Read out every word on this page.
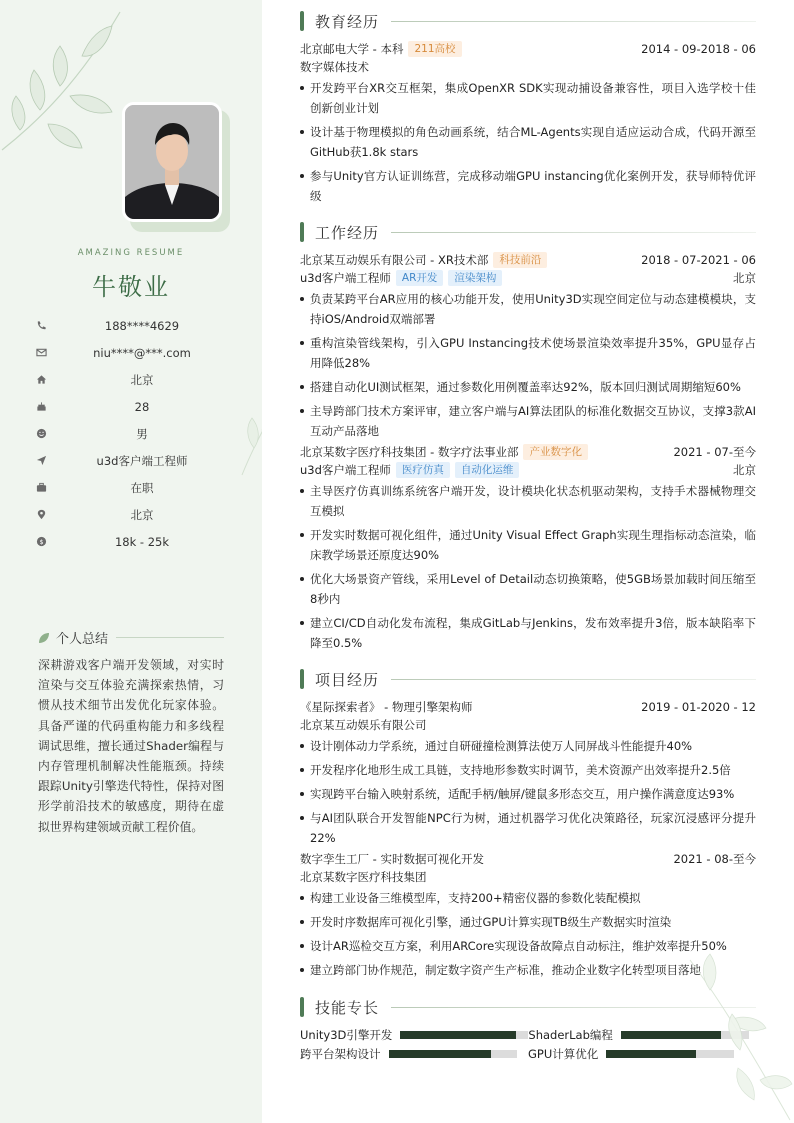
AMAZING RESUME
牛敬业
188****4629
niu****@***.com
北京
28
男
u3d客户端工程师
在职
北京
$	18k - 25k
个人总结
深耕游戏客户端开发领域，对实时渲染与交互体验充满探索热情，习惯从技术细节出发优化玩家体验。具备严谨的代码重构能力和多线程调试思维，擅长通过Shader编程与内存管理机制解决性能瓶颈。持续跟踪Unity引擎迭代特性，保持对图形学前沿技术的敏感度，期待在虚拟世界构建领域贡献工程价值。
教育经历
北京邮电大学 - 本科	211高校	2014 - 09-2018 - 06
数字媒体技术
开发跨平台XR交互框架，集成OpenXR SDK实现动捕设备兼容性，项目入选学校十佳创新创业计划
设计基于物理模拟的角色动画系统，结合ML-Agents实现自适应运动合成，代码开源至GitHub获1.8k stars
参与Unity官方认证训练营，完成移动端GPU instancing优化案例开发，获导师特优评级
工作经历
北京某互动娱乐有限公司 - XR技术部	科技前沿	2018 - 07-2021 - 06
u3d客户端工程师	AR开发	渲染架构	北京
负责某跨平台AR应用的核心功能开发，使用Unity3D实现空间定位与动态建模模块，支持iOS/Android双端部署
重构渲染管线架构，引入GPU Instancing技术使场景渲染效率提升35%，GPU显存占用降低28%
搭建自动化UI测试框架，通过参数化用例覆盖率达92%，版本回归测试周期缩短60%
主导跨部门技术方案评审，建立客户端与AI算法团队的标准化数据交互协议，支撑3款AI互动产品落地
北京某数字医疗科技集团 - 数字疗法事业部	产业数字化	2021 - 07-至今
u3d客户端工程师	医疗仿真	自动化运维	北京
主导医疗仿真训练系统客户端开发，设计模块化状态机驱动架构，支持手术器械物理交互模拟
开发实时数据可视化组件，通过Unity Visual Effect Graph实现生理指标动态渲染，临床教学场景还原度达90%
优化大场景资产管线，采用Level of Detail动态切换策略，使5GB场景加载时间压缩至8秒内
建立CI/CD自动化发布流程，集成GitLab与Jenkins，发布效率提升3倍，版本缺陷率下降至0.5%
项目经历
《星际探索者》 - 物理引擎架构师	2019 - 01-2020 - 12
北京某互动娱乐有限公司
设计刚体动力学系统，通过自研碰撞检测算法使万人同屏战斗性能提升40%
开发程序化地形生成工具链，支持地形参数实时调节，美术资源产出效率提升2.5倍
实现跨平台输入映射系统，适配手柄/触屏/键鼠多形态交互，用户操作满意度达93%
与AI团队联合开发智能NPC行为树，通过机器学习优化决策路径，玩家沉浸感评分提升22%
数字孪生工厂 - 实时数据可视化开发	2021 - 08-至今
北京某数字医疗科技集团
构建工业设备三维模型库，支持200+精密仪器的参数化装配模拟
开发时序数据库可视化引擎，通过GPU计算实现TB级生产数据实时渲染
设计AR巡检交互方案，利用ARCore实现设备故障点自动标注，维护效率提升50%
建立跨部门协作规范，制定数字资产生产标准，推动企业数字化转型项目落地
技能专长
Unity3D引擎开发	ShaderLab编程
跨平台架构设计	GPU计算优化
